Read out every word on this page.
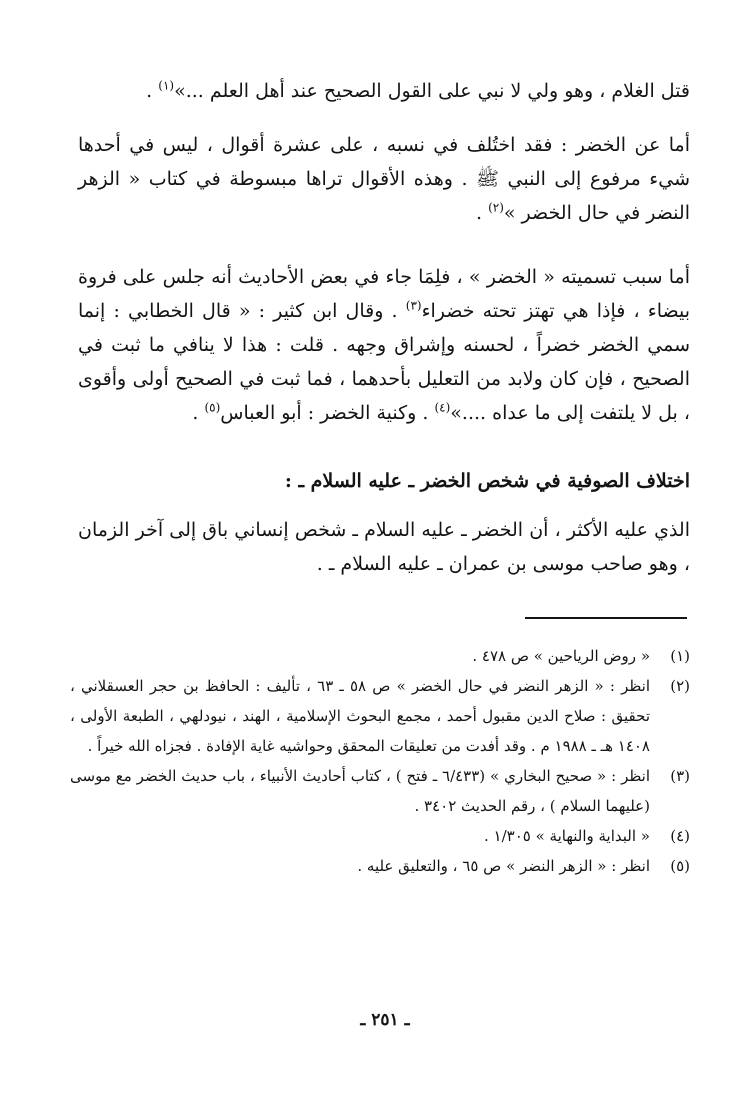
قتل الغلام ، وهو ولي لا نبي على القول الصحيح عند أهل العلم ...»$^{(١)}$ .

أما عن الخضر : فقد اختُلف في نسبه ، على عشرة أقوال ، ليس في أحدها شيء مرفوع إلى النبي ﷺ . وهذه الأقوال تراها مبسوطة في كتاب « الزهر النضر في حال الخضر »$^{(٢)}$ .

أما سبب تسميته « الخضر » ، فلِمَا جاء في بعض الأحاديث أنه جلس على فروة بيضاء ، فإذا هي تهتز تحته خضراء$^{(٣)}$ . وقال ابن كثير : « قال الخطابي : إنما سمي الخضر خضراً ، لحسنه وإشراق وجهه . قلت : هذا لا ينافي ما ثبت في الصحيح ، فإن كان ولابد من التعليل بأحدهما ، فما ثبت في الصحيح أولى وأقوى ، بل لا يلتفت إلى ما عداه ....»$^{(٤)}$ . وكنية الخضر : أبو العباس$^{(٥)}$ .

اختلاف الصوفية في شخص الخضر ـ عليه السلام ـ :

الذي عليه الأكثر ، أن الخضر ـ عليه السلام ـ شخص إنساني باق إلى آخر الزمان ، وهو صاحب موسى بن عمران ـ عليه السلام ـ .

(١)
« روض الرياحين » ص ٤٧٨ .
(٢)
انظر : « الزهر النضر في حال الخضر » ص ٥٨ ـ ٦٣ ، تأليف : الحافظ بن حجر العسقلاني ، تحقيق : صلاح الدين مقبول أحمد ، مجمع البحوث الإسلامية ، الهند ، نيودلهي ، الطبعة الأولى ، ١٤٠٨ هـ ـ ١٩٨٨ م . وقد أفدت من تعليقات المحقق وحواشيه غاية الإفادة . فجزاه الله خيراً .
(٣)
انظر : « صحيح البخاري » (٦/٤٣٣ ـ فتح ) ، كتاب أحاديث الأنبياء ، باب حديث الخضر مع موسى (عليهما السلام ) ، رقم الحديث ٣٤٠٢ .
(٤)
« البداية والنهاية » ١/٣٠٥ .
(٥)
انظر : « الزهر النضر » ص ٦٥ ، والتعليق عليه .
ـ ٢٥١ ـ
